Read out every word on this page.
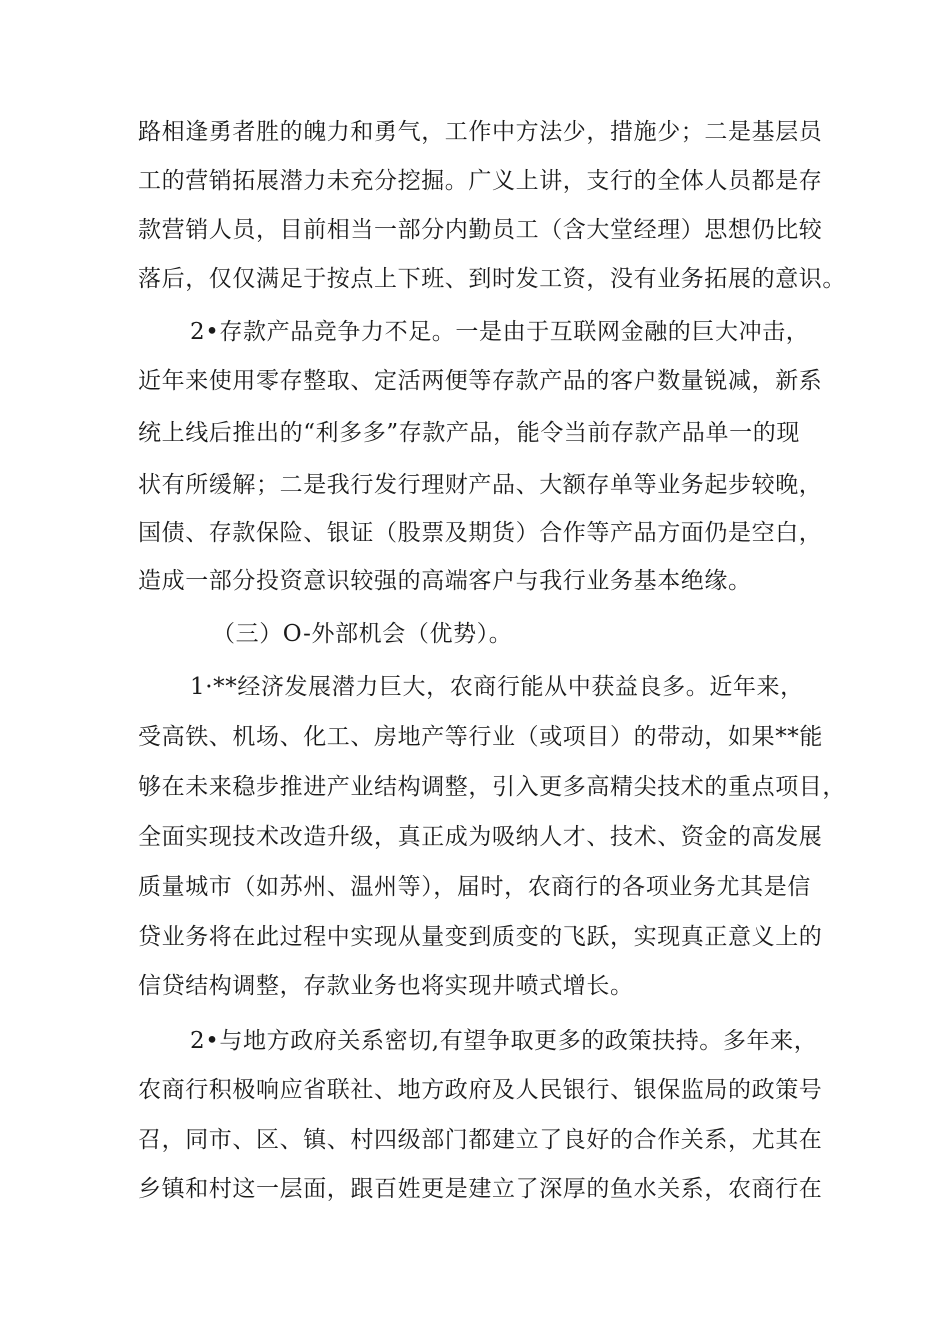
路相逢勇者胜的魄力和勇气，工作中方法少，措施少；二是基层员
工的营销拓展潜力未充分挖掘。广义上讲，支行的全体人员都是存
款营销人员，目前相当一部分内勤员工（含大堂经理）思想仍比较
落后，仅仅满足于按点上下班、到时发工资，没有业务拓展的意识。
2•存款产品竞争力不足。一是由于互联网金融的巨大冲击，
近年来使用零存整取、定活两便等存款产品的客户数量锐减，新系
统上线后推出的“利多多”存款产品，能令当前存款产品单一的现
状有所缓解；二是我行发行理财产品、大额存单等业务起步较晚，
国债、存款保险、银证（股票及期货）合作等产品方面仍是空白，
造成一部分投资意识较强的高端客户与我行业务基本绝缘。
（三）O-外部机会（优势）。
1·**经济发展潜力巨大，农商行能从中获益良多。近年来，
受高铁、机场、化工、房地产等行业（或项目）的带动，如果**能
够在未来稳步推进产业结构调整，引入更多高精尖技术的重点项目，
全面实现技术改造升级，真正成为吸纳人才、技术、资金的高发展
质量城市（如苏州、温州等），届时，农商行的各项业务尤其是信
贷业务将在此过程中实现从量变到质变的飞跃，实现真正意义上的
信贷结构调整，存款业务也将实现井喷式增长。
2•与地方政府关系密切,有望争取更多的政策扶持。多年来，
农商行积极响应省联社、地方政府及人民银行、银保监局的政策号
召，同市、区、镇、村四级部门都建立了良好的合作关系，尤其在
乡镇和村这一层面，跟百姓更是建立了深厚的鱼水关系，农商行在
